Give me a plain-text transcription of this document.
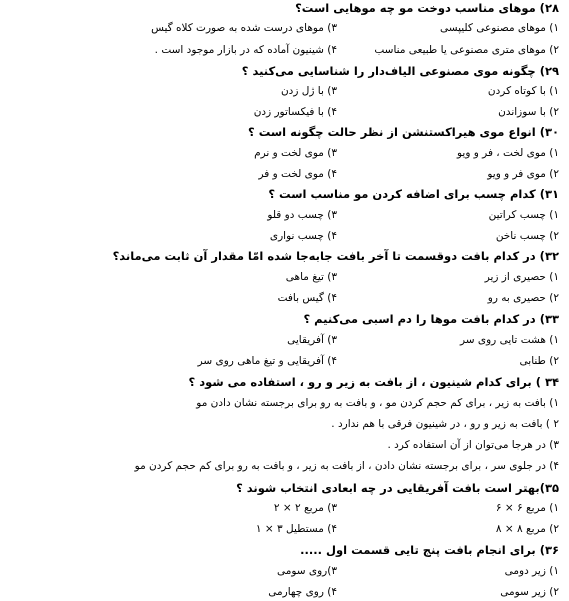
۲۸) موهای مناسب دوخت مو چه موهایی است؟
۱) موهای مصنوعی کلیپسی
۳) موهای درست شده به صورت کلاه گیس
۲) موهای متری مصنوعی یا طبیعی مناسب
۴) شینیون آماده که در بازار موجود است .
۲۹) چگونه موی مصنوعی الیاف‌دار را شناسایی می‌کنید ؟
۱) با کوتاه کردن
۳) با ژل زدن
۲) با سوزاندن
۴) با فیکساتور زدن
۳۰) انواع موی هیراکستنشن از نظر حالت چگونه است ؟
۱) موی لخت ، فر و ویو
۳) موی لخت و نرم
۲) موی فر و ویو
۴) موی لخت و فر
۳۱) کدام چسب برای اضافه کردن مو مناسب است ؟
۱) چسب کراتین
۳) چسب دو قلو
۲) چسب ناخن
۴) چسب نواری
۳۲) در کدام بافت دوقسمت تا آخر بافت جابه‌جا شده امّا مقدار آن ثابت می‌ماند؟
۱) حصیری از زیر
۳) تیغ ماهی
۲) حصیری به رو
۴) گیس بافت
۳۳) در کدام بافت موها را دم اسبی می‌کنیم ؟
۱) هشت تایی روی سر
۳) آفریقایی
۲) طنابی
۴) آفریقایی و تیغ ماهی روی سر
۳۴ ) برای کدام شینیون ، از بافت به زیر و رو ، استفاده می شود ؟
۱) بافت به زیر ، برای کم حجم کردن مو ، و بافت به رو برای برجسته نشان دادن مو
۲ ) بافت به زیر و رو ، در شینیون فرقی با هم ندارد .
۳) در هرجا می‌توان از آن استفاده کرد .
۴) در جلوی سر ، برای برجسته نشان دادن ، از بافت به زیر ، و بافت به رو برای کم حجم کردن مو
۳۵)بهتر است بافت آفریقایی در چه ابعادی انتخاب شوند ؟
۱) مربع ۶ × ۶
۳) مربع ۲ × ۲
۲) مربع ۸ × ۸
۴) مستطیل ۳ × ۱
۳۶) برای انجام بافت پنج تایی قسمت اول .....
۱) زیر دومی
۳)روی سومی
۲) زیر سومی
۴) روی چهارمی
